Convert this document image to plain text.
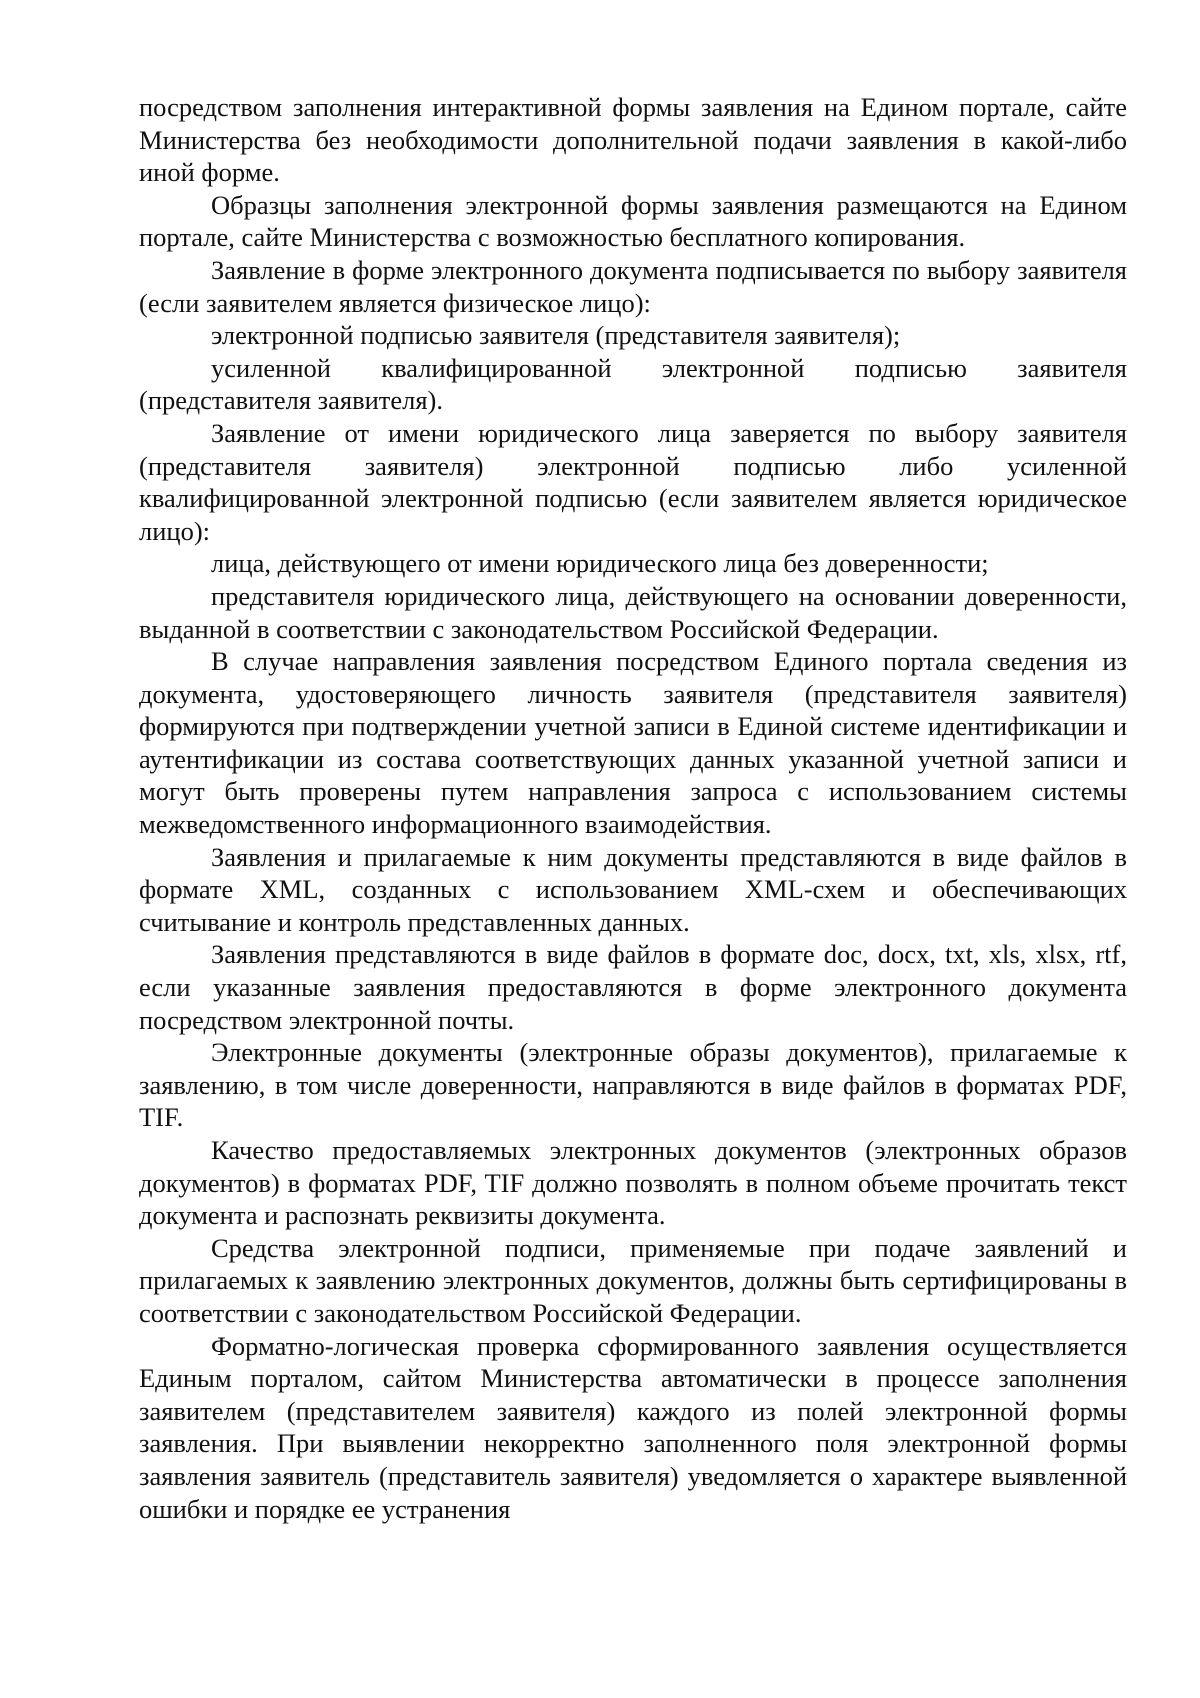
посредством заполнения интерактивной формы заявления на Едином портале, сайте Министерства без необходимости дополнительной подачи заявления в какой-либо иной форме.

Образцы заполнения электронной формы заявления размещаются на Едином портале, сайте Министерства с возможностью бесплатного копирования.

Заявление в форме электронного документа подписывается по выбору заявителя (если заявителем является физическое лицо):

электронной подписью заявителя (представителя заявителя);

усиленной квалифицированной электронной подписью заявителя (представителя заявителя).

Заявление от имени юридического лица заверяется по выбору заявителя (представителя заявителя) электронной подписью либо усиленной квалифицированной электронной подписью (если заявителем является юридическое лицо):

лица, действующего от имени юридического лица без доверенности;

представителя юридического лица, действующего на основании доверенности, выданной в соответствии с законодательством Российской Федерации.

В случае направления заявления посредством Единого портала сведения из документа, удостоверяющего личность заявителя (представителя заявителя) формируются при подтверждении учетной записи в Единой системе идентификации и аутентификации из состава соответствующих данных указанной учетной записи и могут быть проверены путем направления запроса с использованием системы межведомственного информационного взаимодействия.

Заявления и прилагаемые к ним документы представляются в виде файлов в формате XML, созданных с использованием XML-схем и обеспечивающих считывание и контроль представленных данных.

Заявления представляются в виде файлов в формате doc, docx, txt, xls, xlsx, rtf, если указанные заявления предоставляются в форме электронного документа посредством электронной почты.

Электронные документы (электронные образы документов), прилагаемые к заявлению, в том числе доверенности, направляются в виде файлов в форматах PDF, TIF.

Качество предоставляемых электронных документов (электронных образов документов) в форматах PDF, TIF должно позволять в полном объеме прочитать текст документа и распознать реквизиты документа.

Средства электронной подписи, применяемые при подаче заявлений и прилагаемых к заявлению электронных документов, должны быть сертифицированы в соответствии с законодательством Российской Федерации.

Форматно-логическая проверка сформированного заявления осуществляется Единым порталом, сайтом Министерства автоматически в процессе заполнения заявителем (представителем заявителя) каждого из полей электронной формы заявления. При выявлении некорректно заполненного поля электронной формы заявления заявитель (представитель заявителя) уведомляется о характере выявленной ошибки и порядке ее устранения
